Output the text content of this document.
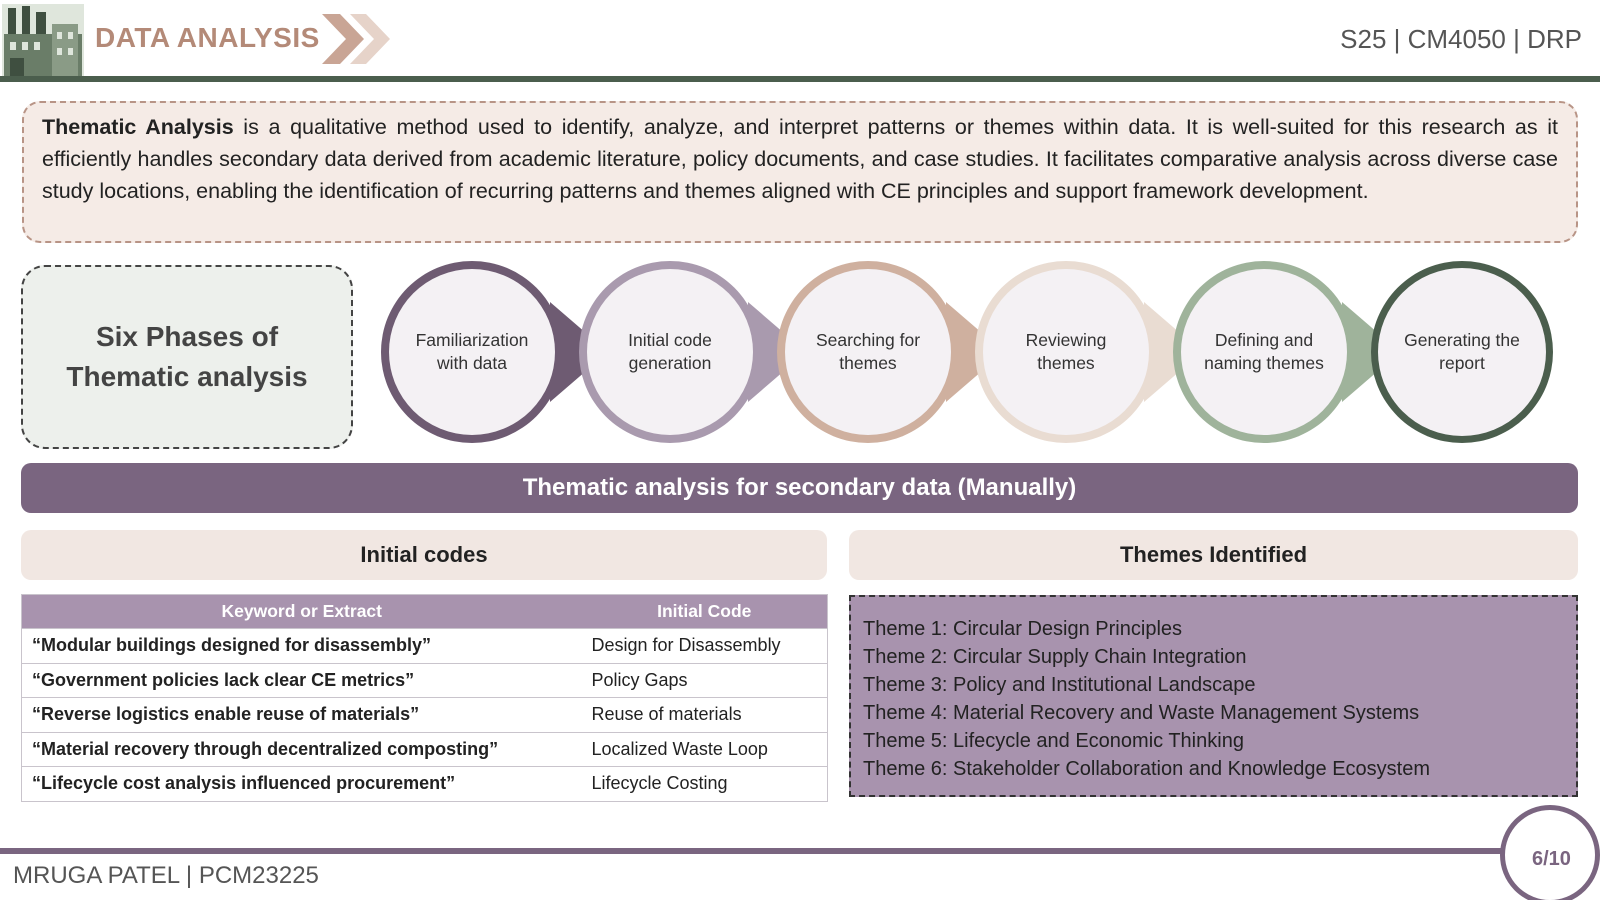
DATA ANALYSIS	S25 | CM4050 | DRP
Thematic Analysis is a qualitative method used to identify, analyze, and interpret patterns or themes within data. It is well-suited for this research as it efficiently handles secondary data derived from academic literature, policy documents, and case studies. It facilitates comparative analysis across diverse case study locations, enabling the identification of recurring patterns and themes aligned with CE principles and support framework development.
Six Phases of Thematic analysis
Familiarization with data
Initial code generation
Searching for themes
Reviewing themes
Defining and naming themes
Generating the report
Thematic analysis for secondary data (Manually)
Initial codes	Themes Identified
Keyword or Extract	Initial Code
“Modular buildings designed for disassembly”	Design for Disassembly
“Government policies lack clear CE metrics”	Policy Gaps
“Reverse logistics enable reuse of materials”	Reuse of materials
“Material recovery through decentralized composting”	Localized Waste Loop
“Lifecycle cost analysis influenced procurement”	Lifecycle Costing
Theme 1: Circular Design Principles
Theme 2: Circular Supply Chain Integration
Theme 3: Policy and Institutional Landscape
Theme 4: Material Recovery and Waste Management Systems
Theme 5: Lifecycle and Economic Thinking
Theme 6: Stakeholder Collaboration and Knowledge Ecosystem
MRUGA PATEL | PCM23225
6/10
